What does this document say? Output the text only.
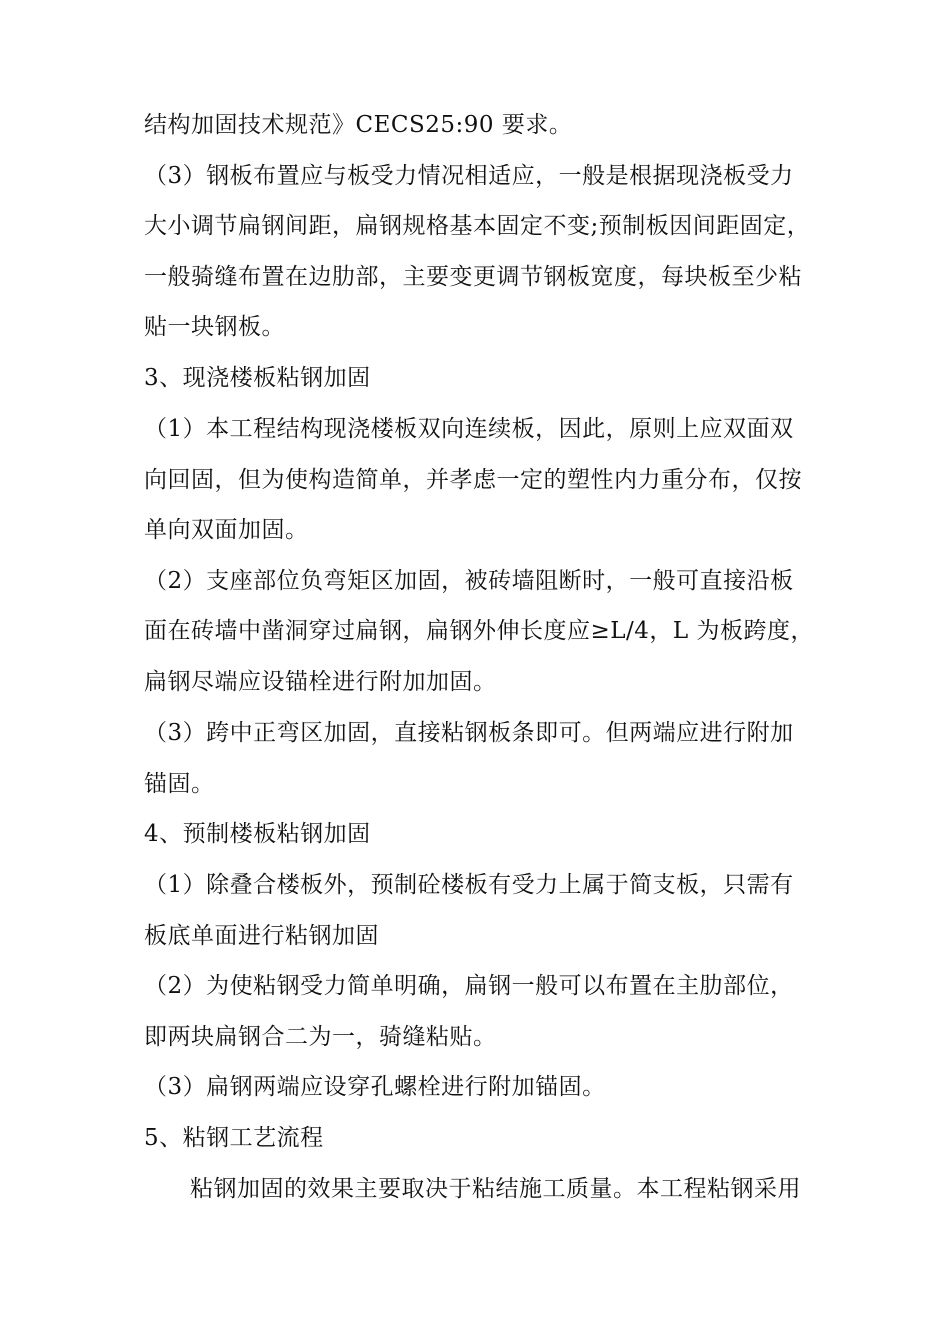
结构加固技术规范》CECS25:90 要求。
（3）钢板布置应与板受力情况相适应，一般是根据现浇板受力
大小调节扁钢间距，扁钢规格基本固定不变;预制板因间距固定，
一般骑缝布置在边肋部，主要变更调节钢板宽度，每块板至少粘
贴一块钢板。
3、现浇楼板粘钢加固
（1）本工程结构现浇楼板双向连续板，因此，原则上应双面双
向回固，但为使构造简单，并孝虑一定的塑性内力重分布，仅按
单向双面加固。
（2）支座部位负弯矩区加固，被砖墙阻断时，一般可直接沿板
面在砖墙中凿洞穿过扁钢，扁钢外伸长度应≥L/4，L 为板跨度，
扁钢尽端应设锚栓进行附加加固。
（3）跨中正弯区加固，直接粘钢板条即可。但两端应进行附加
锚固。
4、预制楼板粘钢加固
（1）除叠合楼板外，预制砼楼板有受力上属于简支板，只需有
板底单面进行粘钢加固
（2）为使粘钢受力简单明确，扁钢一般可以布置在主肋部位，
即两块扁钢合二为一，骑缝粘贴。
（3）扁钢两端应设穿孔螺栓进行附加锚固。
5、粘钢工艺流程
粘钢加固的效果主要取决于粘结施工质量。本工程粘钢采用
